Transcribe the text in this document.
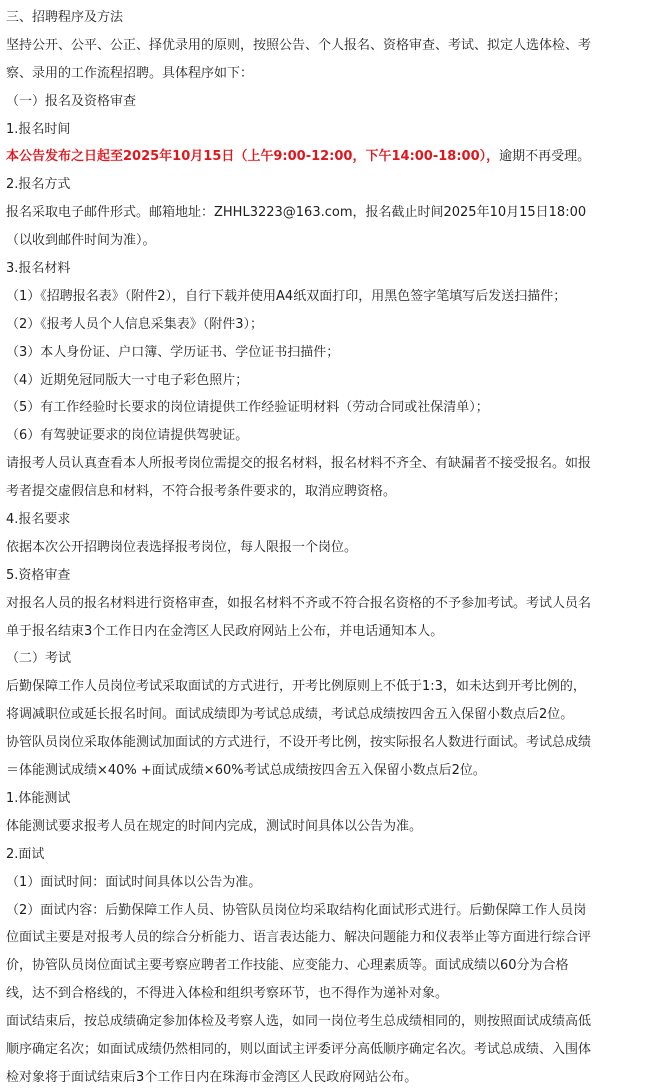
三、招聘程序及方法
坚持公开、公平、公正、择优录用的原则，按照公告、个人报名、资格审查、考试、拟定人选体检、考
察、录用的工作流程招聘。具体程序如下：
（一）报名及资格审查
1.报名时间
本公告发布之日起至2025年10月15日（上午9:00-12:00，下午14:00-18:00），逾期不再受理。
2.报名方式
报名采取电子邮件形式。邮箱地址：ZHHL3223@163.com，报名截止时间2025年10月15日18:00
（以收到邮件时间为准）。
3.报名材料
（1）《招聘报名表》（附件2），自行下载并使用A4纸双面打印，用黑色签字笔填写后发送扫描件；
（2）《报考人员个人信息采集表》（附件3）；
（3）本人身份证、户口簿、学历证书、学位证书扫描件；
（4）近期免冠同版大一寸电子彩色照片；
（5）有工作经验时长要求的岗位请提供工作经验证明材料（劳动合同或社保清单）；
（6）有驾驶证要求的岗位请提供驾驶证。
请报考人员认真查看本人所报考岗位需提交的报名材料，报名材料不齐全、有缺漏者不接受报名。如报
考者提交虚假信息和材料，不符合报考条件要求的，取消应聘资格。
4.报名要求
依据本次公开招聘岗位表选择报考岗位，每人限报一个岗位。
5.资格审查
对报名人员的报名材料进行资格审查，如报名材料不齐或不符合报名资格的不予参加考试。考试人员名
单于报名结束3个工作日内在金湾区人民政府网站上公布，并电话通知本人。
（二）考试
后勤保障工作人员岗位考试采取面试的方式进行，开考比例原则上不低于1:3，如未达到开考比例的，
将调减职位或延长报名时间。面试成绩即为考试总成绩，考试总成绩按四舍五入保留小数点后2位。
协管队员岗位采取体能测试加面试的方式进行，不设开考比例，按实际报名人数进行面试。考试总成绩
＝体能测试成绩×40% +面试成绩×60%考试总成绩按四舍五入保留小数点后2位。
1.体能测试
体能测试要求报考人员在规定的时间内完成，测试时间具体以公告为准。
2.面试
（1）面试时间：面试时间具体以公告为准。
（2）面试内容：后勤保障工作人员、协管队员岗位均采取结构化面试形式进行。后勤保障工作人员岗
位面试主要是对报考人员的综合分析能力、语言表达能力、解决问题能力和仪表举止等方面进行综合评
价，协管队员岗位面试主要考察应聘者工作技能、应变能力、心理素质等。面试成绩以60分为合格
线，达不到合格线的，不得进入体检和组织考察环节，也不得作为递补对象。
面试结束后，按总成绩确定参加体检及考察人选，如同一岗位考生总成绩相同的，则按照面试成绩高低
顺序确定名次；如面试成绩仍然相同的，则以面试主评委评分高低顺序确定名次。考试总成绩、入围体
检对象将于面试结束后3个工作日内在珠海市金湾区人民政府网站公布。
